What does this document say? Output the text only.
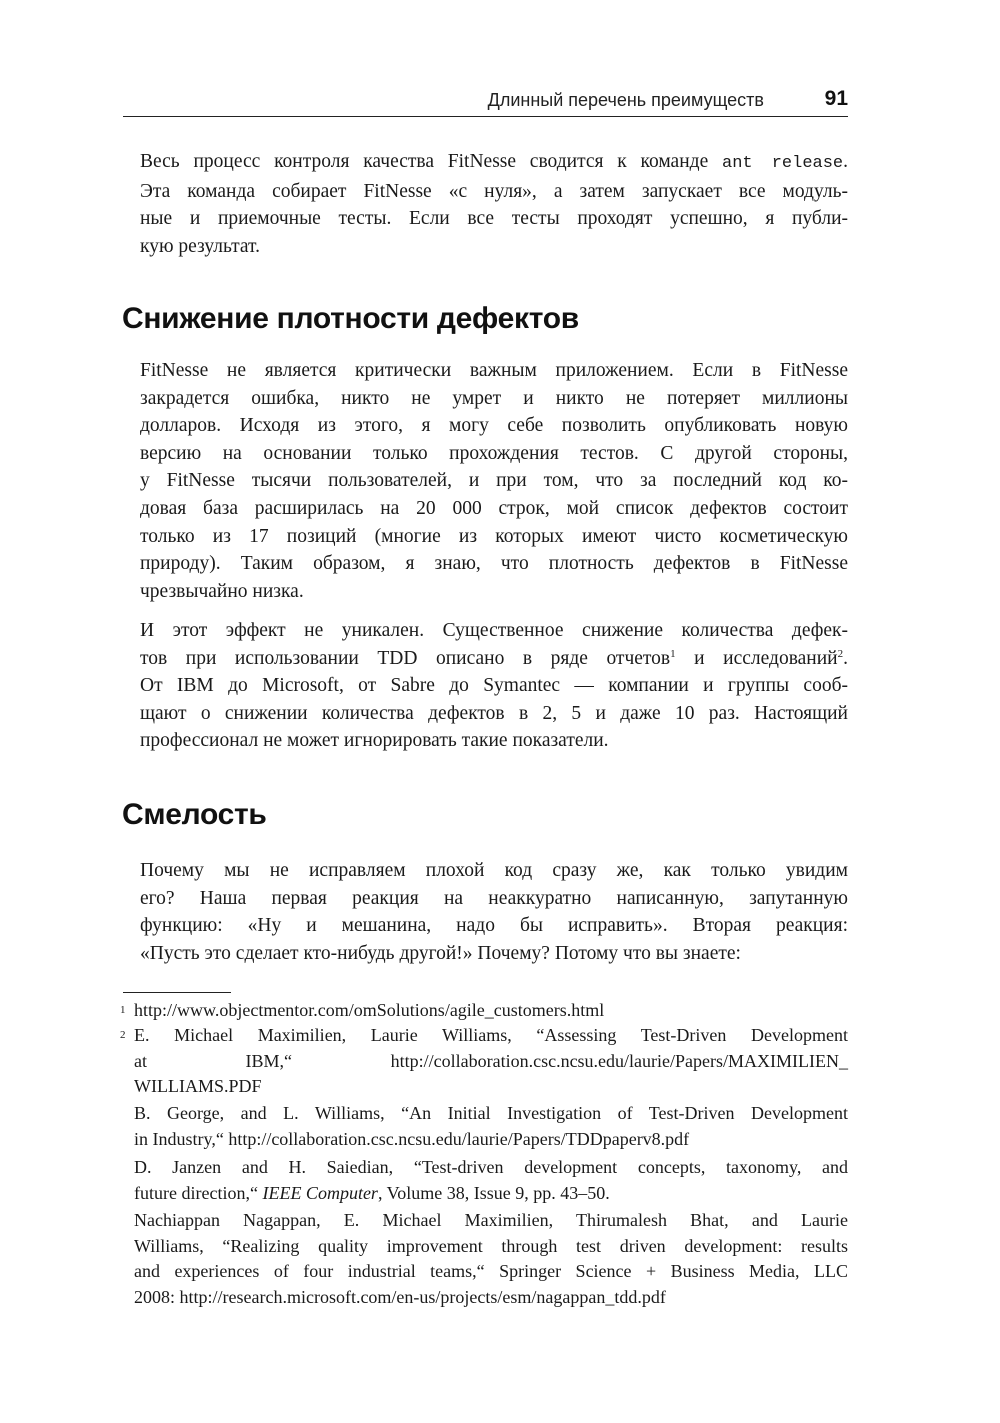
Длинный перечень преимуществ	91

Весь процесс контроля качества FitNesse сводится к команде ant release.
Эта команда собирает FitNesse «с нуля», а затем запускает все модуль-
ные и приемочные тесты. Если все тесты проходят успешно, я публи-
кую результат.

Снижение плотности дефектов

FitNesse не является критически важным приложением. Если в FitNesse
закрадется ошибка, никто не умрет и никто не потеряет миллионы
долларов. Исходя из этого, я могу себе позволить опубликовать новую
версию на основании только прохождения тестов. С другой стороны,
у FitNesse тысячи пользователей, и при том, что за последний код ко-
довая база расширилась на 20 000 строк, мой список дефектов состоит
только из 17 позиций (многие из которых имеют чисто косметическую
природу). Таким образом, я знаю, что плотность дефектов в FitNesse
чрезвычайно низка.

И этот эффект не уникален. Существенное снижение количества дефек-
тов при использовании TDD описано в ряде отчетов$^1$ и исследований$^2$.
От IBM до Microsoft, от Sabre до Symantec — компании и группы сооб-
щают о снижении количества дефектов в 2, 5 и даже 10 раз. Настоящий
профессионал не может игнорировать такие показатели.

Смелость

Почему мы не исправляем плохой код сразу же, как только увидим
его? Наша первая реакция на неаккуратно написанную, запутанную
функцию: «Ну и мешанина, надо бы исправить». Вторая реакция:
«Пусть это сделает кто-нибудь другой!» Почему? Потому что вы знаете:

1 http://www.objectmentor.com/omSolutions/agile_customers.html

2 E. Michael Maximilien, Laurie Williams, “Assessing Test-Driven Development
at IBM,“ http://collaboration.csc.ncsu.edu/laurie/Papers/MAXIMILIEN_
WILLIAMS.PDF

B. George, and L. Williams, “An Initial Investigation of Test-Driven Development
in Industry,“ http://collaboration.csc.ncsu.edu/laurie/Papers/TDDpaperv8.pdf

D. Janzen and H. Saiedian, “Test-driven development concepts, taxonomy, and
future direction,“ IEEE Computer, Volume 38, Issue 9, pp. 43–50.

Nachiappan Nagappan, E. Michael Maximilien, Thirumalesh Bhat, and Laurie
Williams, “Realizing quality improvement through test driven development: results
and experiences of four industrial teams,“ Springer Science + Business Media, LLC
2008: http://research.microsoft.com/en-us/projects/esm/nagappan_tdd.pdf
